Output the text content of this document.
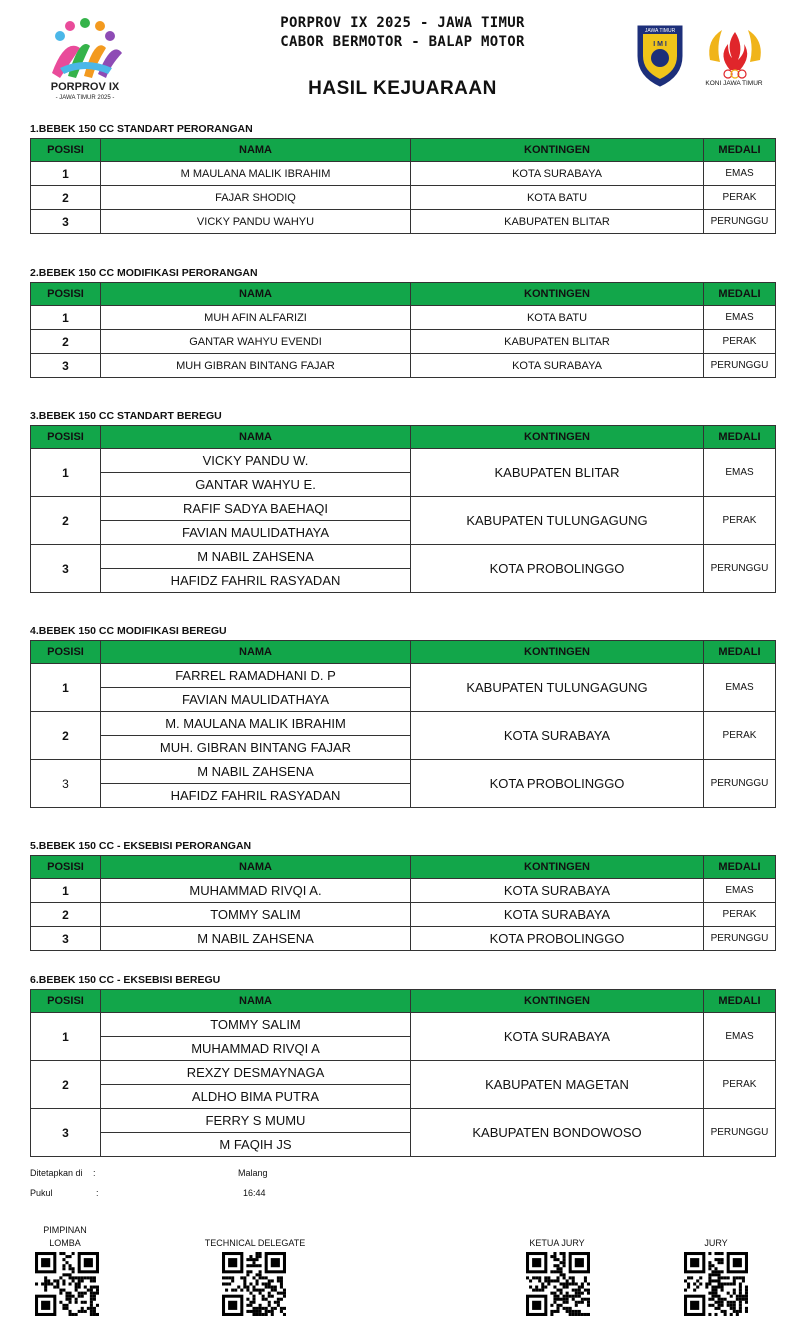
PORPROV IX
- JAWA TIMUR 2025 -
PORPROV IX 2025 - JAWA TIMUR
CABOR BERMOTOR - BALAP MOTOR
HASIL KEJUARAAN
JAWA TIMUR
I M I
KONI JAWA TIMUR
1.BEBEK 150 CC STANDART PERORANGAN
POSISI	NAMA	KONTINGEN	MEDALI
1	M MAULANA MALIK IBRAHIM	KOTA SURABAYA	EMAS
2	FAJAR SHODIQ	KOTA BATU	PERAK
3	VICKY PANDU WAHYU	KABUPATEN BLITAR	PERUNGGU
2.BEBEK 150 CC MODIFIKASI PERORANGAN
POSISI	NAMA	KONTINGEN	MEDALI
1	MUH AFIN ALFARIZI	KOTA BATU	EMAS
2	GANTAR WAHYU EVENDI	KABUPATEN BLITAR	PERAK
3	MUH GIBRAN BINTANG FAJAR	KOTA SURABAYA	PERUNGGU
3.BEBEK 150 CC STANDART BEREGU
POSISI	NAMA	KONTINGEN	MEDALI
1	VICKY PANDU W.	KABUPATEN BLITAR	EMAS
	GANTAR WAHYU E.		
2	RAFIF SADYA BAEHAQI	KABUPATEN TULUNGAGUNG	PERAK
	FAVIAN MAULIDATHAYA		
3	M NABIL ZAHSENA	KOTA PROBOLINGGO	PERUNGGU
	HAFIDZ FAHRIL RASYADAN		
4.BEBEK 150 CC MODIFIKASI BEREGU
POSISI	NAMA	KONTINGEN	MEDALI
1	FARREL RAMADHANI D. P	KABUPATEN TULUNGAGUNG	EMAS
	FAVIAN MAULIDATHAYA		
2	M. MAULANA MALIK IBRAHIM	KOTA SURABAYA	PERAK
	MUH. GIBRAN BINTANG FAJAR		
3	M NABIL ZAHSENA	KOTA PROBOLINGGO	PERUNGGU
	HAFIDZ FAHRIL RASYADAN		
5.BEBEK 150 CC - EKSEBISI PERORANGAN
POSISI	NAMA	KONTINGEN	MEDALI
1	MUHAMMAD RIVQI A.	KOTA SURABAYA	EMAS
2	TOMMY SALIM	KOTA SURABAYA	PERAK
3	M NABIL ZAHSENA	KOTA PROBOLINGGO	PERUNGGU
6.BEBEK 150 CC - EKSEBISI BEREGU
POSISI	NAMA	KONTINGEN	MEDALI
1	TOMMY SALIM	KOTA SURABAYA	EMAS
	MUHAMMAD RIVQI A		
2	REXZY DESMAYNAGA	KABUPATEN MAGETAN	PERAK
	ALDHO BIMA PUTRA		
3	FERRY S MUMU	KABUPATEN BONDOWOSO	PERUNGGU
	M FAQIH JS		
Ditetapkan di :	Malang
Pukul	:	16:44
PIMPINAN LOMBA	TECHNICAL DELEGATE	KETUA JURY	JURY
